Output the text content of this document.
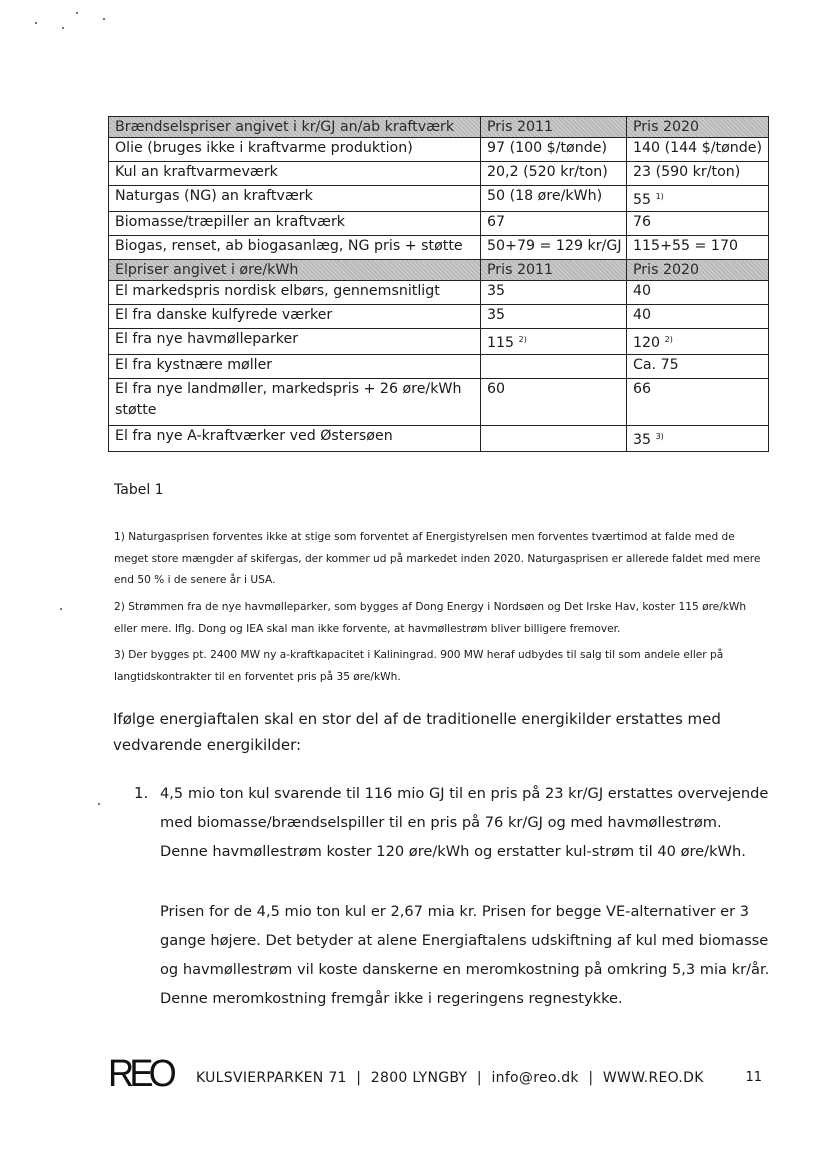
Brændselspriser angivet i kr/GJ an/ab kraftværk	Pris 2011	Pris 2020
Olie (bruges ikke i kraftvarme produktion)	97 (100 $/tønde)	140 (144 $/tønde)
Kul an kraftvarmeværk	20,2 (520 kr/ton)	23 (590 kr/ton)
Naturgas (NG) an kraftværk	50 (18 øre/kWh)	55 $^{1)}$
Biomasse/træpiller an kraftværk	67	76
Biogas, renset, ab biogasanlæg, NG pris + støtte	50+79 = 129 kr/GJ	115+55 = 170
Elpriser angivet i øre/kWh	Pris 2011	Pris 2020
El markedspris nordisk elbørs, gennemsnitligt	35	40
El fra danske kulfyrede værker	35	40
El fra nye havmølleparker	115 $^{2)}$	120 $^{2)}$
El fra kystnære møller		Ca. 75
El fra nye landmøller, markedspris + 26 øre/kWh støtte	60	66
El fra nye A-kraftværker ved Østersøen		35 $^{3)}$
Tabel 1
1) Naturgasprisen forventes ikke at stige som forventet af Energistyrelsen men forventes tværtimod at falde med de meget store mængder af skifergas, der kommer ud på markedet inden 2020. Naturgasprisen er allerede faldet med mere end 50 % i de senere år i USA.
2) Strømmen fra de nye havmølleparker, som bygges af Dong Energy i Nordsøen og Det Irske Hav, koster 115 øre/kWh eller mere. Iflg. Dong og IEA skal man ikke forvente, at havmøllestrøm bliver billigere fremover.
3) Der bygges pt. 2400 MW ny a-kraftkapacitet i Kaliningrad. 900 MW heraf udbydes til salg til som andele eller på langtidskontrakter til en forventet pris på 35 øre/kWh.
Ifølge energiaftalen skal en stor del af de traditionelle energikilder erstattes med vedvarende energikilder:
1. 4,5 mio ton kul svarende til 116 mio GJ til en pris på 23 kr/GJ erstattes overvejende med biomasse/brændselspiller til en pris på 76 kr/GJ og med havmøllestrøm. Denne havmøllestrøm koster 120 øre/kWh og erstatter kul-strøm til 40 øre/kWh.
Prisen for de 4,5 mio ton kul er 2,67 mia kr. Prisen for begge VE-alternativer er 3 gange højere. Det betyder at alene Energiaftalens udskiftning af kul med biomasse og havmøllestrøm vil koste danskerne en meromkostning på omkring 5,3 mia kr/år. Denne meromkostning fremgår ikke i regeringens regnestykke.
REO KULSVIERPARKEN 71  |  2800 LYNGBY  |  info@reo.dk  |  WWW.REO.DK	11
